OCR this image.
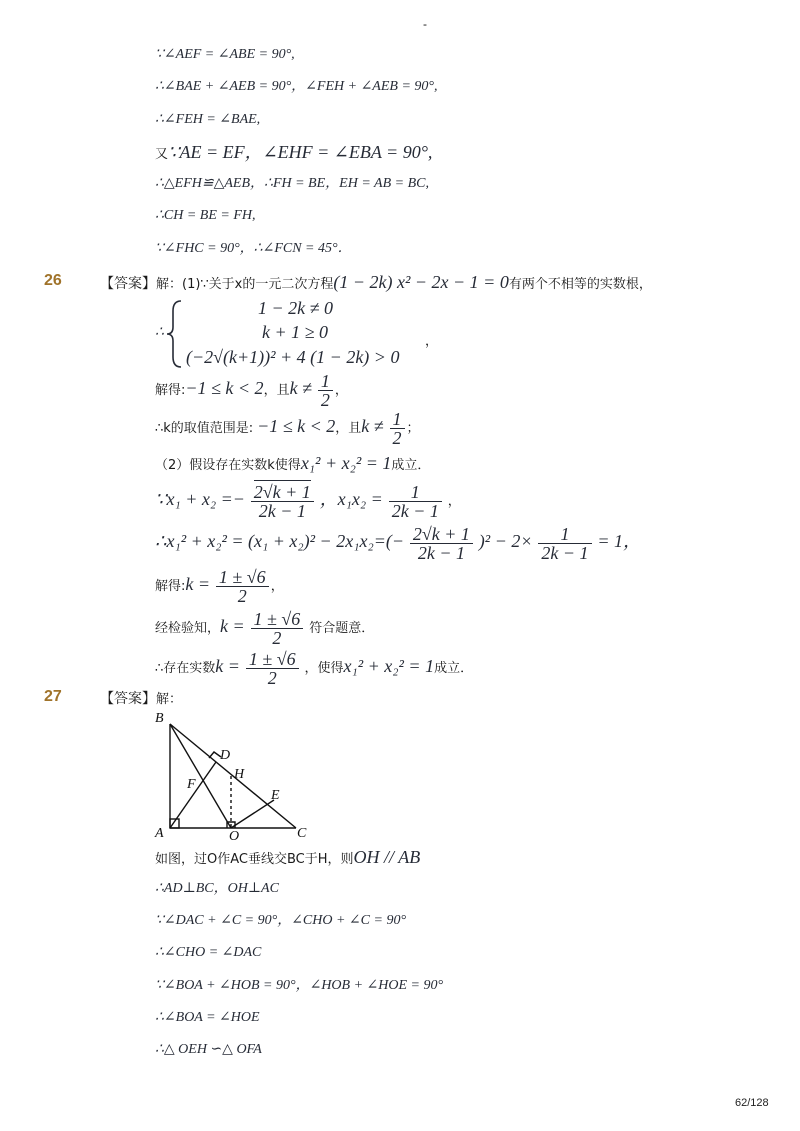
-
∵∠AEF = ∠ABE = 90°,
∴∠BAE + ∠AEB = 90°，∠FEH + ∠AEB = 90°,
∴∠FEH = ∠BAE,
又∵AE = EF，∠EHF = ∠EBA = 90°,
∴△EFH≌△AEB，∴FH = BE，EH = AB = BC,
∴CH = BE = FH,
∵∠FHC = 90°，∴∠FCN = 45°．
26	【答案】解：(1)∵关于x的一元二次方程(1 − 2k) x² − 2x − 1 = 0有两个不相等的实数根，
∴
1 − 2k ≠ 0
k + 1 ≥ 0
(−2√(k+1))² + 4 (1 − 2k) > 0
，
解得:−1 ≤ k < 2，且$k \ne \frac{1}{2}$ ，
∴k的取值范围是: −1 ≤ k < 2，且$k \ne \frac{1}{2}$ ；
（2）假设存在实数k使得x₁² + x₂² = 1成立．
∵x₁ + $x_2 =- \frac{2√k + 1}{2k - 1}$ ，$x_1x_2 = \frac{1}{2k - 1}$ ，
∴x₁² + $x_2^2 = (x_1 + x_2)^2 - 2x_1x_2=(- \frac{2√k + 1}{2k - 1} )^2 - 2\times \frac{1}{2k - 1} = 1$，
解得:k = $\frac{1 \pm √6}{2}$ ，
经检验知，$k = \frac{1 \pm √6}{2}$ 符合题意．
∴存在实数$k = \frac{1 \pm √6}{2}$ ，使得x₁² + x₂² = 1成立．
27	【答案】解：
B
D
H
F
E
A	O	C
如图，过O作AC垂线交BC于H，则OH // AB
∴AD⊥BC，OH⊥AC
∵∠DAC + ∠C = 90°，∠CHO + ∠C = 90°
∴∠CHO = ∠DAC
∵∠BOA + ∠HOB = 90°，∠HOB + ∠HOE = 90°
∴∠BOA = ∠HOE
∴△ OEH ∽△ OFA
62/128
